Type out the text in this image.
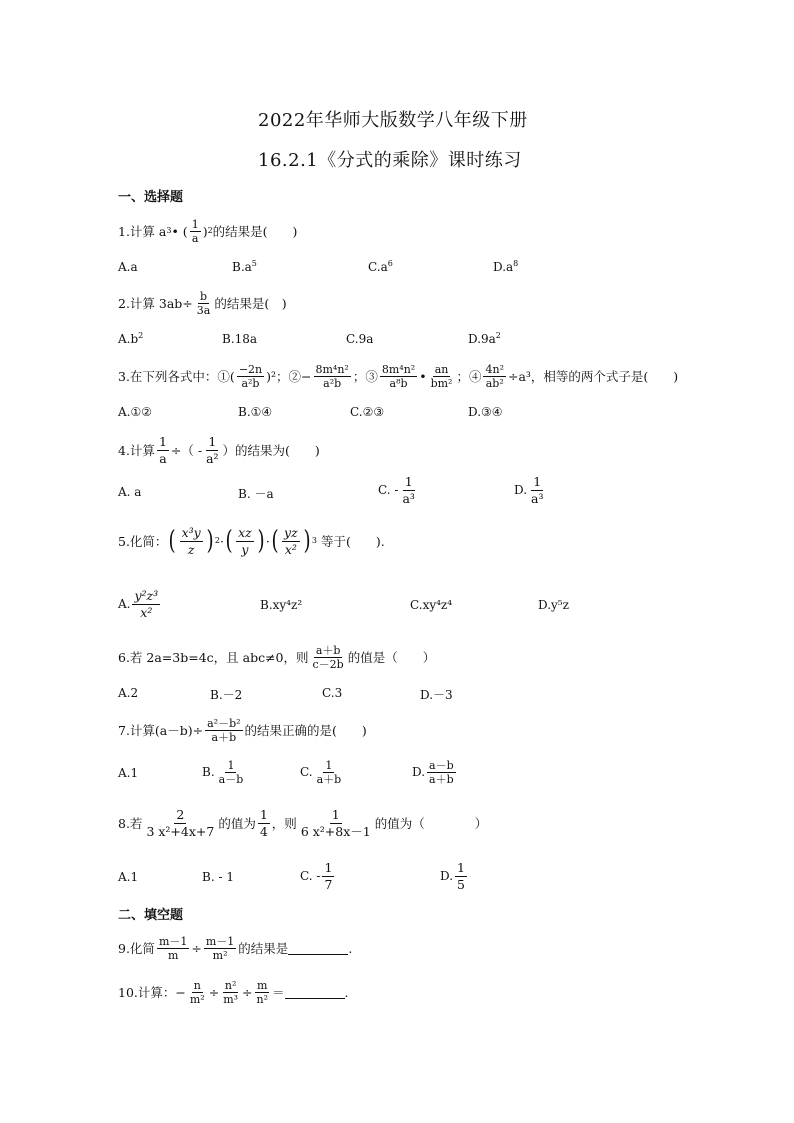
2022年华师大版数学八年级下册
16.2.1《分式的乘除》课时练习
一、选择题
1.计算 a 3 • ( $\frac{1}{a}$ ) 2 的结果是(　　)
A.a	$B.a^5$	$C.a^6$	$D.a^8$
2.计算 $3ab\div \frac{b}{3a}$ 的结果是(　)
$A.b^2$	B.18a	C.9a	$D.9a^2$
3.在下列各式中：①( $\frac{-2n}{\text{a²b}} )^2$；②− $\frac{\text{8m⁴n²}}{\text{a²b}}$ ；③ $\frac{\text{8m⁴n²}}{\text{a⁸b}}$ • $\frac{an}{\text{bm²}}$ ；④ $\frac{\text{4n²}}{\text{ab²}} \div a^3$，相等的两个式子是(　　)
A.①②	B.①④	C.②③	D.③④
4.计算 $\frac{1}{a}$ ÷（ - $\frac{1}{\text{a²}}$ ）的结果为(　　)
A. a	B. －a	C. - $\frac{1}{\text{a³}}$	D. $\frac{1}{\text{a³}}$
5.化简： ( $\frac{\text{x³y}}{z}$ ) 2 · ( $\frac{xz}{y}$ ) · ( $\frac{yz}{\text{x²}}$ ) 3 等于(　　).
A. $\frac{\text{y²z³}}{\text{x²}}$	B.xy⁴z²	C.xy⁴z⁴	D.y⁵z
6.若 2a=3b=4c，且 abc≠0，则 $\frac{a+b}{c-2b}$ 的值是（　　）
A.2	B.－2	C.3	D.－3
7.计算$(a-b)\div \frac{\text{a²－b²}}{a+b}$ 的结果正确的是(　　)
A.1	B. $\frac{1}{a-b}$	C. $\frac{1}{a+b}$	D. $\frac{a-b}{a+b}$
8.若 $\frac{2}{\text{3 x²+4x+7}}$ 的值为 $\frac{1}{4}$ ，则 $\frac{1}{\text{6 x²+8x－1}}$ 的值为（　　　　）
A.1	B. - 1	C. - $\frac{1}{7}$	D. $\frac{1}{5}$
二、填空题
9.化简 $\frac{m-1}{m} \div \frac{m-1}{\text{m²}}$ 的结果是	.
10.计算：− $\frac{n}{\text{m²}} \div \frac{\text{n²}}{\text{m³}} \div \frac{m}{\text{n²}}$ ＝	.
